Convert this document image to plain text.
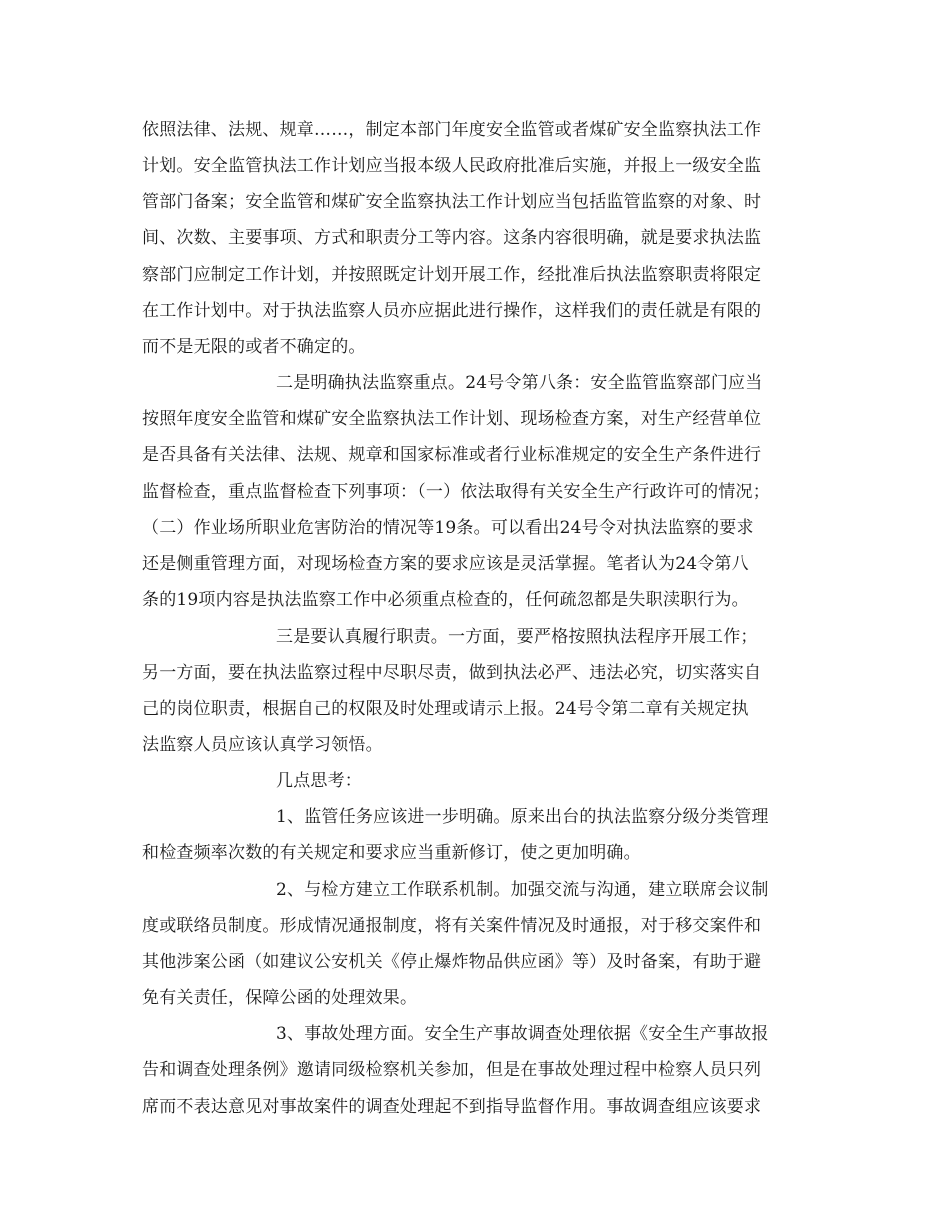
依照法律、法规、规章……，制定本部门年度安全监管或者煤矿安全监察执法工作
计划。安全监管执法工作计划应当报本级人民政府批准后实施，并报上一级安全监
管部门备案；安全监管和煤矿安全监察执法工作计划应当包括监管监察的对象、时
间、次数、主要事项、方式和职责分工等内容。这条内容很明确，就是要求执法监
察部门应制定工作计划，并按照既定计划开展工作，经批准后执法监察职责将限定
在工作计划中。对于执法监察人员亦应据此进行操作，这样我们的责任就是有限的
而不是无限的或者不确定的。
二是明确执法监察重点。24号令第八条：安全监管监察部门应当
按照年度安全监管和煤矿安全监察执法工作计划、现场检查方案，对生产经营单位
是否具备有关法律、法规、规章和国家标准或者行业标准规定的安全生产条件进行
监督检查，重点监督检查下列事项：（一）依法取得有关安全生产行政许可的情况；
（二）作业场所职业危害防治的情况等19条。可以看出24号令对执法监察的要求
还是侧重管理方面，对现场检查方案的要求应该是灵活掌握。笔者认为24令第八
条的19项内容是执法监察工作中必须重点检查的，任何疏忽都是失职渎职行为。
三是要认真履行职责。一方面，要严格按照执法程序开展工作；
另一方面，要在执法监察过程中尽职尽责，做到执法必严、违法必究，切实落实自
己的岗位职责，根据自己的权限及时处理或请示上报。24号令第二章有关规定执
法监察人员应该认真学习领悟。
几点思考：
1、监管任务应该进一步明确。原来出台的执法监察分级分类管理
和检查频率次数的有关规定和要求应当重新修订，使之更加明确。
2、与检方建立工作联系机制。加强交流与沟通，建立联席会议制
度或联络员制度。形成情况通报制度，将有关案件情况及时通报，对于移交案件和
其他涉案公函（如建议公安机关《停止爆炸物品供应函》等）及时备案，有助于避
免有关责任，保障公函的处理效果。
3、事故处理方面。安全生产事故调查处理依据《安全生产事故报
告和调查处理条例》邀请同级检察机关参加，但是在事故处理过程中检察人员只列
席而不表达意见对事故案件的调查处理起不到指导监督作用。事故调查组应该要求
